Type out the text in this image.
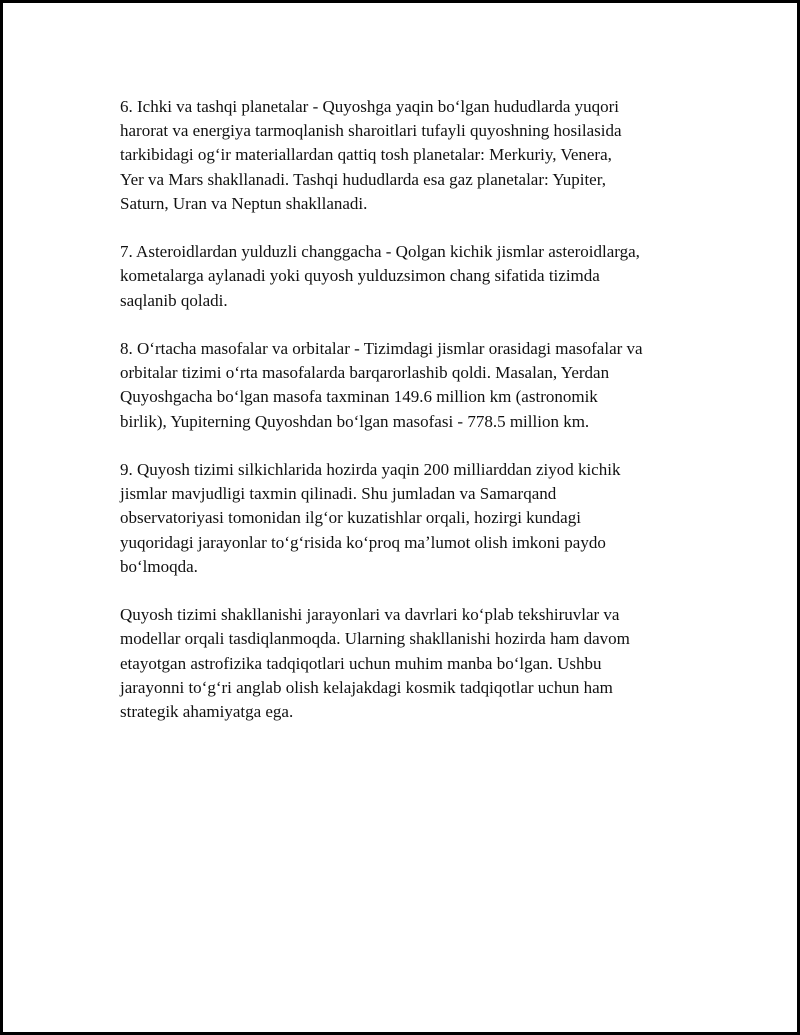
6. Ichki va tashqi planetalar - Quyoshga yaqin boʻlgan hududlarda yuqori
harorat va energiya tarmoqlanish sharoitlari tufayli quyoshning hosilasida
tarkibidagi ogʻir materiallardan qattiq tosh planetalar: Merkuriy, Venera,
Yer va Mars shakllanadi. Tashqi hududlarda esa gaz planetalar: Yupiter,
Saturn, Uran va Neptun shakllanadi.

7. Asteroidlardan yulduzli changgacha - Qolgan kichik jismlar asteroidlarga,
kometalarga aylanadi yoki quyosh yulduzsimon chang sifatida tizimda
saqlanib qoladi.

8. Oʻrtacha masofalar va orbitalar - Tizimdagi jismlar orasidagi masofalar va
orbitalar tizimi oʻrta masofalarda barqarorlashib qoldi. Masalan, Yerdan
Quyoshgacha boʻlgan masofa taxminan 149.6 million km (astronomik
birlik), Yupiterning Quyoshdan boʻlgan masofasi - 778.5 million km.

9. Quyosh tizimi silkichlarida hozirda yaqin 200 milliarddan ziyod kichik
jismlar mavjudligi taxmin qilinadi. Shu jumladan va Samarqand
observatoriyasi tomonidan ilgʻor kuzatishlar orqali, hozirgi kundagi
yuqoridagi jarayonlar toʻgʻrisida koʻproq maʼlumot olish imkoni paydo
boʻlmoqda.

Quyosh tizimi shakllanishi jarayonlari va davrlari koʻplab tekshiruvlar va
modellar orqali tasdiqlanmoqda. Ularning shakllanishi hozirda ham davom
etayotgan astrofizika tadqiqotlari uchun muhim manba boʻlgan. Ushbu
jarayonni toʻgʻri anglab olish kelajakdagi kosmik tadqiqotlar uchun ham
strategik ahamiyatga ega.
